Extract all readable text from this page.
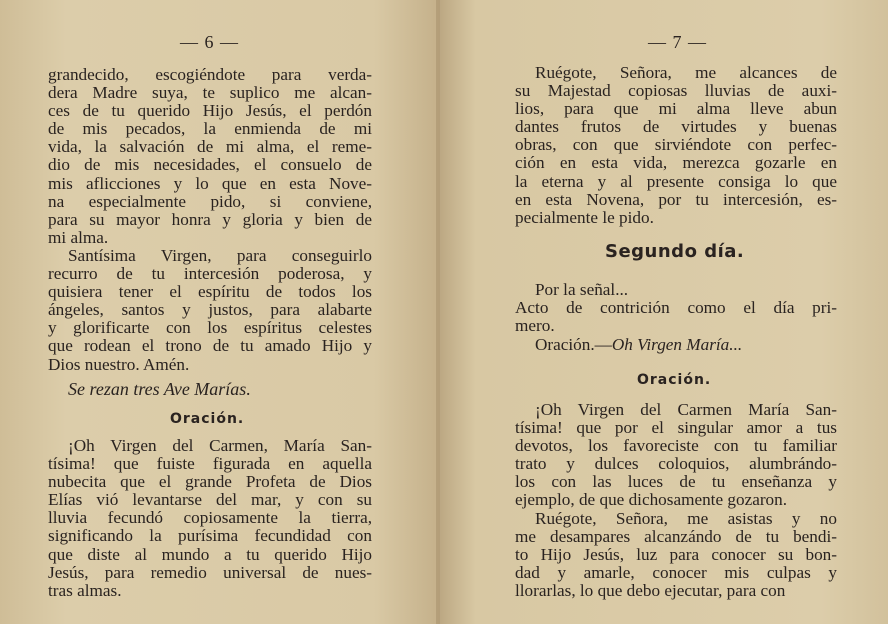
— 6 —
grandecido, escogiéndote para verda-
dera Madre suya, te suplico me alcan-
ces de tu querido Hijo Jesús, el perdón
de mis pecados, la enmienda de mi
vida, la salvación de mi alma, el reme-
dio de mis necesidades, el consuelo de
mis aflicciones y lo que en esta Nove-
na especialmente pido, si conviene,
para su mayor honra y gloria y bien de
mi alma.
Santísima Virgen, para conseguirlo
recurro de tu intercesión poderosa, y
quisiera tener el espíritu de todos los
ángeles, santos y justos, para alabarte
y glorificarte con los espíritus celestes
que rodean el trono de tu amado Hijo y
Dios nuestro. Amén.
Se rezan tres Ave Marías.
Oración.
¡Oh Virgen del Carmen, María San-
tísima! que fuiste figurada en aquella
nubecita que el grande Profeta de Dios
Elías vió levantarse del mar, y con su
lluvia fecundó copiosamente la tierra,
significando la purísima fecundidad con
que diste al mundo a tu querido Hijo
Jesús, para remedio universal de nues-
tras almas.
— 7 —
Ruégote, Señora, me alcances de
su Majestad copiosas lluvias de auxi-
lios, para que mi alma lleve abun
dantes frutos de virtudes y buenas
obras, con que sirviéndote con perfec-
ción en esta vida, merezca gozarle en
la eterna y al presente consiga lo que
en esta Novena, por tu intercesión, es-
pecialmente le pido.
Segundo día.
Por la señal...
Acto de contrición como el día pri-
mero.
Oración.—Oh Virgen María...
Oración.
¡Oh Virgen del Carmen María San-
tísima! que por el singular amor a tus
devotos, los favoreciste con tu familiar
trato y dulces coloquios, alumbrándo-
los con las luces de tu enseñanza y
ejemplo, de que dichosamente gozaron.
Ruégote, Señora, me asistas y no
me desampares alcanzándo de tu bendi-
to Hijo Jesús, luz para conocer su bon-
dad y amarle, conocer mis culpas y
llorarlas, lo que debo ejecutar, para con
